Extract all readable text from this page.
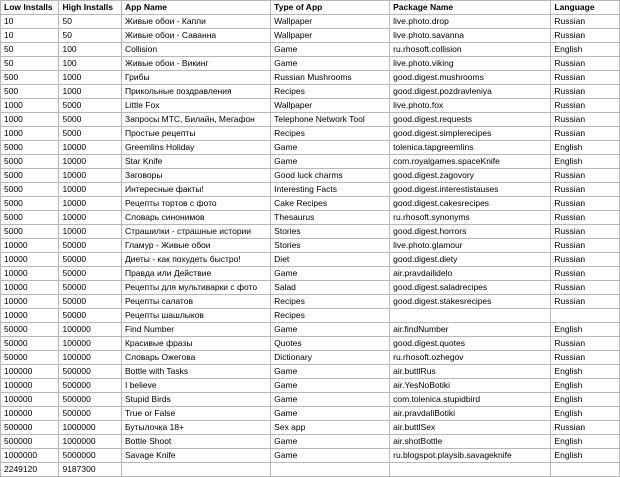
Low Installs	High Installs	App Name	Type of App	Package Name	Language
10	50	Живые обои - Капли	Wallpaper	live.photo.drop	Russian
10	50	Живые обои - Саванна	Wallpaper	live.photo.savanna	Russian
50	100	Collision	Game	ru.rhosoft.collision	English
50	100	Живые обои - Викинг	Game	live.photo.viking	Russian
500	1000	Грибы	Russian Mushrooms	good.digest.mushrooms	Russian
500	1000	Прикольные поздравления	Recipes	good.digest.pozdravleniya	Russian
1000	5000	Little Fox	Wallpaper	live.photo.fox	Russian
1000	5000	Запросы МТС, Билайн, Мегафон	Telephone Network Tool	good.digest.requests	Russian
1000	5000	Простые рецепты	Recipes	good.digest.simplerecipes	Russian
5000	10000	Greemlins Holiday	Game	tolenica.tapgreemlins	English
5000	10000	Star Knife	Game	com.royalgames.spaceKnife	English
5000	10000	Заговоры	Good luck charms	good.digest.zagovory	Russian
5000	10000	Интересные факты!	Interesting Facts	good.digest.interestistauses	Russian
5000	10000	Рецепты тортов с фото	Cake Recipes	good.digest.cakesrecipes	Russian
5000	10000	Словарь синонимов	Thesaurus	ru.rhosoft.synonyms	Russian
5000	10000	Страшилки - страшные истории	Stories	good.digest.horrors	Russian
10000	50000	Гламур - Живые обои	Stories	live.photo.glamour	Russian
10000	50000	Диеты - как похудеть быстро!	Diet	good.digest.diety	Russian
10000	50000	Правда или Действие	Game	air.pravdailidelo	Russian
10000	50000	Рецепты для мультиварки с фото	Salad	good.digest.saladrecipes	Russian
10000	50000	Рецепты салатов	Recipes	good.digest.stakesrecipes	Russian
10000	50000	Рецепты шашлыков	Recipes		
50000	100000	Find Number	Game	air.findNumber	English
50000	100000	Красивые фразы	Quotes	good.digest.quotes	Russian
50000	100000	Словарь Ожегова	Dictionary	ru.rhosoft.ozhegov	Russian
100000	500000	Bottle with Tasks	Game	air.buttlRus	English
100000	500000	I believe	Game	air.YesNoBotiki	English
100000	500000	Stupid Birds	Game	com.tolenica.stupidbird	English
100000	500000	True or False	Game	air.pravdaliBotiki	English
500000	1000000	Бутылочка 18+	Sex app	air.buttlSex	Russian
500000	1000000	Bottle Shoot	Game	air.shotBottle	English
1000000	5000000	Savage Knife	Game	ru.blogspot.playsib.savageknife	English
2249120	9187300				
